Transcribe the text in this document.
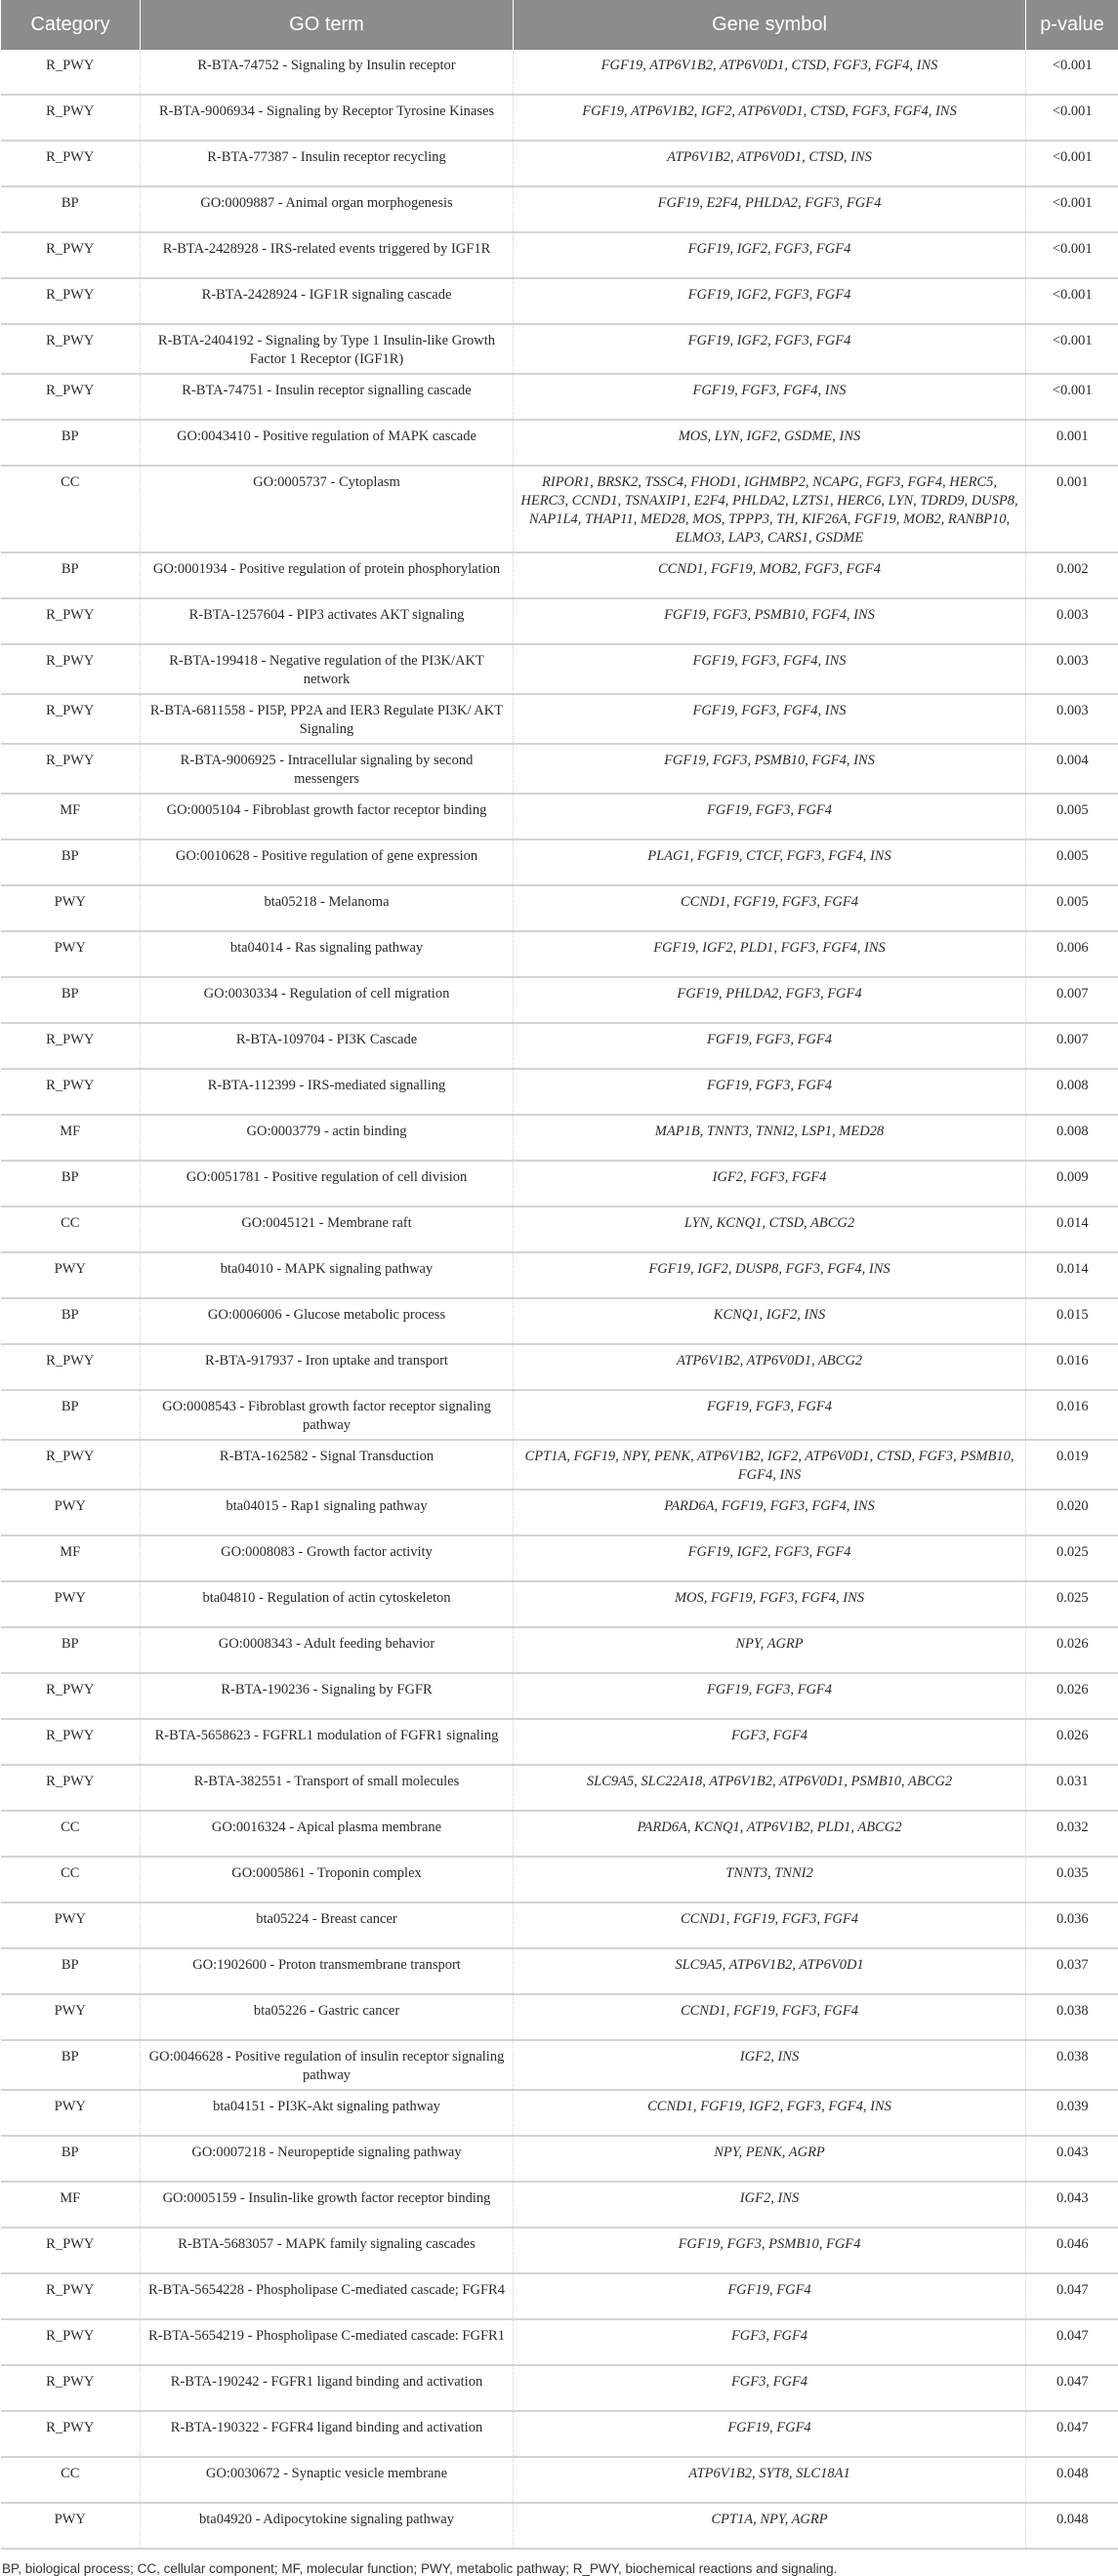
Category	GO term	Gene symbol	p-value
R_PWY	R-BTA-74752 - Signaling by Insulin receptor	FGF19, ATP6V1B2, ATP6V0D1, CTSD, FGF3, FGF4, INS	<0.001
R_PWY	R-BTA-9006934 - Signaling by Receptor Tyrosine Kinases	FGF19, ATP6V1B2, IGF2, ATP6V0D1, CTSD, FGF3, FGF4, INS	<0.001
R_PWY	R-BTA-77387 - Insulin receptor recycling	ATP6V1B2, ATP6V0D1, CTSD, INS	<0.001
BP	GO:0009887 - Animal organ morphogenesis	FGF19, E2F4, PHLDA2, FGF3, FGF4	<0.001
R_PWY	R-BTA-2428928 - IRS-related events triggered by IGF1R	FGF19, IGF2, FGF3, FGF4	<0.001
R_PWY	R-BTA-2428924 - IGF1R signaling cascade	FGF19, IGF2, FGF3, FGF4	<0.001
R_PWY	R-BTA-2404192 - Signaling by Type 1 Insulin-like Growth Factor 1 Receptor (IGF1R)	FGF19, IGF2, FGF3, FGF4	<0.001
R_PWY	R-BTA-74751 - Insulin receptor signalling cascade	FGF19, FGF3, FGF4, INS	<0.001
BP	GO:0043410 - Positive regulation of MAPK cascade	MOS, LYN, IGF2, GSDME, INS	0.001
CC	GO:0005737 - Cytoplasm	RIPOR1, BRSK2, TSSC4, FHOD1, IGHMBP2, NCAPG, FGF3, FGF4, HERC5, HERC3, CCND1, TSNAXIP1, E2F4, PHLDA2, LZTS1, HERC6, LYN, TDRD9, DUSP8, NAP1L4, THAP11, MED28, MOS, TPPP3, TH, KIF26A, FGF19, MOB2, RANBP10, ELMO3, LAP3, CARS1, GSDME	0.001
BP	GO:0001934 - Positive regulation of protein phosphorylation	CCND1, FGF19, MOB2, FGF3, FGF4	0.002
R_PWY	R-BTA-1257604 - PIP3 activates AKT signaling	FGF19, FGF3, PSMB10, FGF4, INS	0.003
R_PWY	R-BTA-199418 - Negative regulation of the PI3K/AKT network	FGF19, FGF3, FGF4, INS	0.003
R_PWY	R-BTA-6811558 - PI5P, PP2A and IER3 Regulate PI3K/ AKT Signaling	FGF19, FGF3, FGF4, INS	0.003
R_PWY	R-BTA-9006925 - Intracellular signaling by second messengers	FGF19, FGF3, PSMB10, FGF4, INS	0.004
MF	GO:0005104 - Fibroblast growth factor receptor binding	FGF19, FGF3, FGF4	0.005
BP	GO:0010628 - Positive regulation of gene expression	PLAG1, FGF19, CTCF, FGF3, FGF4, INS	0.005
PWY	bta05218 - Melanoma	CCND1, FGF19, FGF3, FGF4	0.005
PWY	bta04014 - Ras signaling pathway	FGF19, IGF2, PLD1, FGF3, FGF4, INS	0.006
BP	GO:0030334 - Regulation of cell migration	FGF19, PHLDA2, FGF3, FGF4	0.007
R_PWY	R-BTA-109704 - PI3K Cascade	FGF19, FGF3, FGF4	0.007
R_PWY	R-BTA-112399 - IRS-mediated signalling	FGF19, FGF3, FGF4	0.008
MF	GO:0003779 - actin binding	MAP1B, TNNT3, TNNI2, LSP1, MED28	0.008
BP	GO:0051781 - Positive regulation of cell division	IGF2, FGF3, FGF4	0.009
CC	GO:0045121 - Membrane raft	LYN, KCNQ1, CTSD, ABCG2	0.014
PWY	bta04010 - MAPK signaling pathway	FGF19, IGF2, DUSP8, FGF3, FGF4, INS	0.014
BP	GO:0006006 - Glucose metabolic process	KCNQ1, IGF2, INS	0.015
R_PWY	R-BTA-917937 - Iron uptake and transport	ATP6V1B2, ATP6V0D1, ABCG2	0.016
BP	GO:0008543 - Fibroblast growth factor receptor signaling pathway	FGF19, FGF3, FGF4	0.016
R_PWY	R-BTA-162582 - Signal Transduction	CPT1A, FGF19, NPY, PENK, ATP6V1B2, IGF2, ATP6V0D1, CTSD, FGF3, PSMB10, FGF4, INS	0.019
PWY	bta04015 - Rap1 signaling pathway	PARD6A, FGF19, FGF3, FGF4, INS	0.020
MF	GO:0008083 - Growth factor activity	FGF19, IGF2, FGF3, FGF4	0.025
PWY	bta04810 - Regulation of actin cytoskeleton	MOS, FGF19, FGF3, FGF4, INS	0.025
BP	GO:0008343 - Adult feeding behavior	NPY, AGRP	0.026
R_PWY	R-BTA-190236 - Signaling by FGFR	FGF19, FGF3, FGF4	0.026
R_PWY	R-BTA-5658623 - FGFRL1 modulation of FGFR1 signaling	FGF3, FGF4	0.026
R_PWY	R-BTA-382551 - Transport of small molecules	SLC9A5, SLC22A18, ATP6V1B2, ATP6V0D1, PSMB10, ABCG2	0.031
CC	GO:0016324 - Apical plasma membrane	PARD6A, KCNQ1, ATP6V1B2, PLD1, ABCG2	0.032
CC	GO:0005861 - Troponin complex	TNNT3, TNNI2	0.035
PWY	bta05224 - Breast cancer	CCND1, FGF19, FGF3, FGF4	0.036
BP	GO:1902600 - Proton transmembrane transport	SLC9A5, ATP6V1B2, ATP6V0D1	0.037
PWY	bta05226 - Gastric cancer	CCND1, FGF19, FGF3, FGF4	0.038
BP	GO:0046628 - Positive regulation of insulin receptor signaling pathway	IGF2, INS	0.038
PWY	bta04151 - PI3K-Akt signaling pathway	CCND1, FGF19, IGF2, FGF3, FGF4, INS	0.039
BP	GO:0007218 - Neuropeptide signaling pathway	NPY, PENK, AGRP	0.043
MF	GO:0005159 - Insulin-like growth factor receptor binding	IGF2, INS	0.043
R_PWY	R-BTA-5683057 - MAPK family signaling cascades	FGF19, FGF3, PSMB10, FGF4	0.046
R_PWY	R-BTA-5654228 - Phospholipase C-mediated cascade; FGFR4	FGF19, FGF4	0.047
R_PWY	R-BTA-5654219 - Phospholipase C-mediated cascade: FGFR1	FGF3, FGF4	0.047
R_PWY	R-BTA-190242 - FGFR1 ligand binding and activation	FGF3, FGF4	0.047
R_PWY	R-BTA-190322 - FGFR4 ligand binding and activation	FGF19, FGF4	0.047
CC	GO:0030672 - Synaptic vesicle membrane	ATP6V1B2, SYT8, SLC18A1	0.048
PWY	bta04920 - Adipocytokine signaling pathway	CPT1A, NPY, AGRP	0.048
BP, biological process; CC, cellular component; MF, molecular function; PWY, metabolic pathway; R_PWY, biochemical reactions and signaling.
